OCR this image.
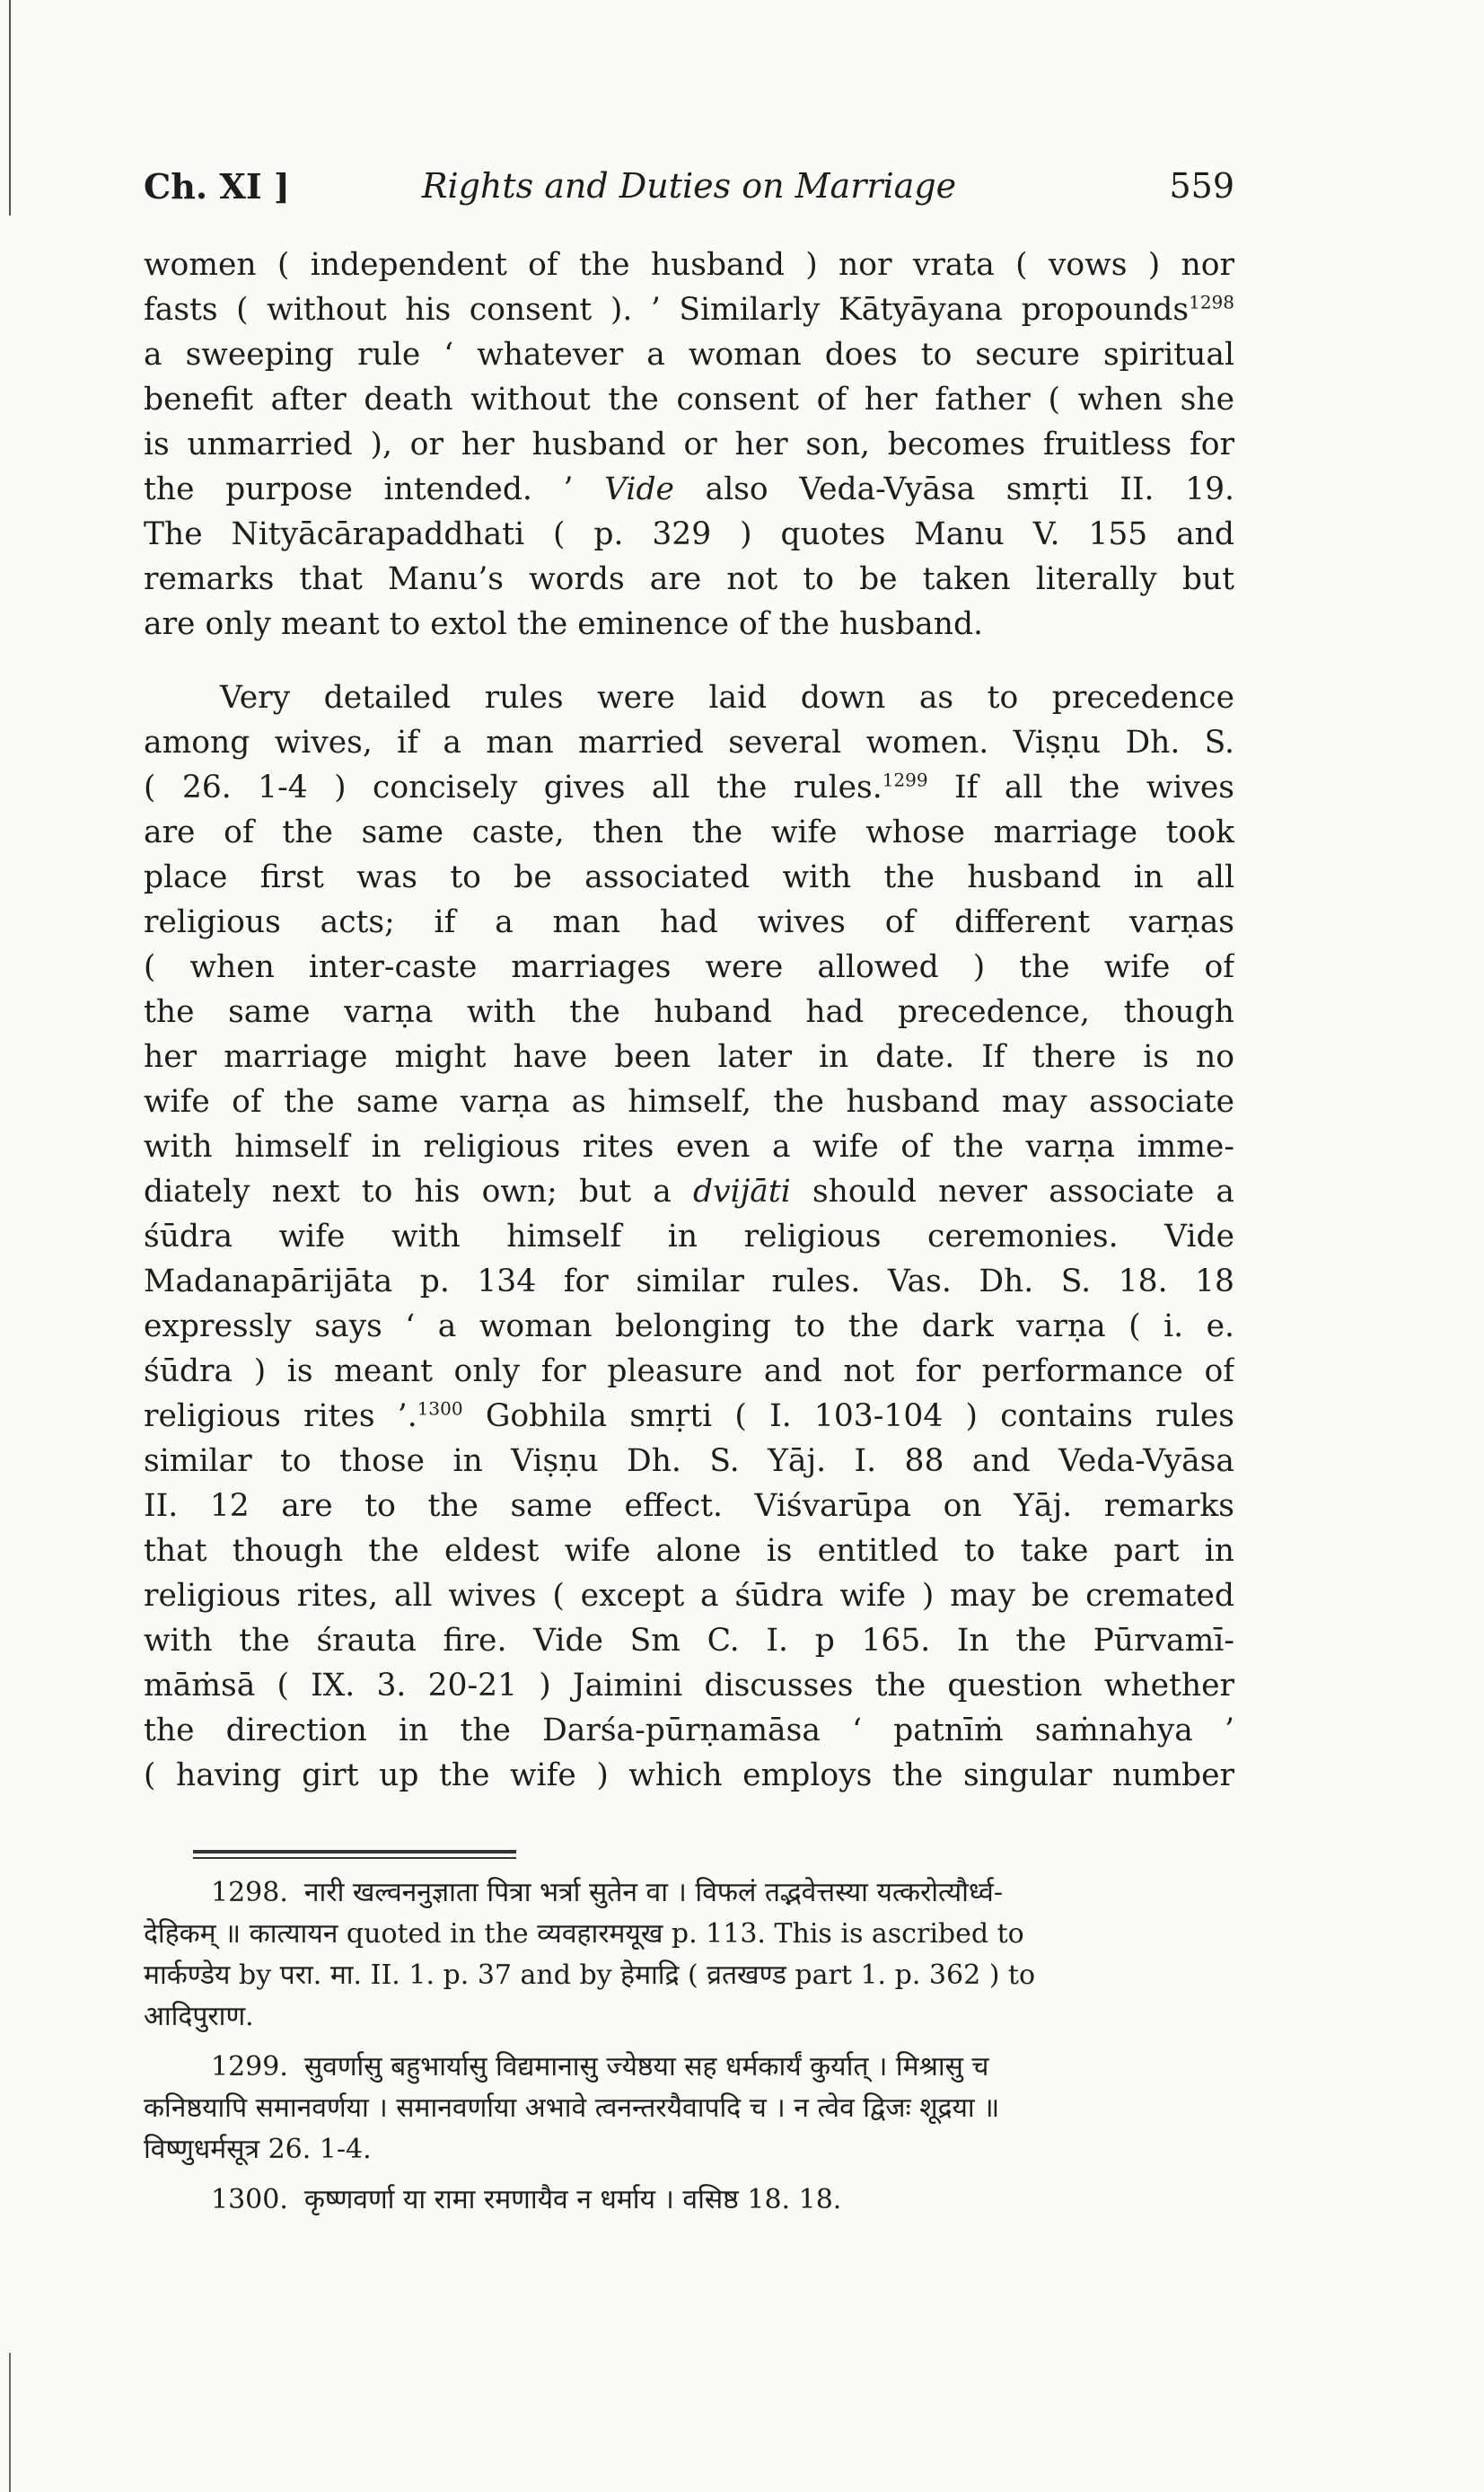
Ch. XI ]	Rights and Duties on Marriage	559
women ( independent of the husband ) nor vrata ( vows ) nor
fasts ( without his consent ). ’ Similarly Kātyāyana propounds$^{1298}$
a sweeping rule ‘ whatever a woman does to secure spiritual
benefit after death without the consent of her father ( when she
is unmarried ), or her husband or her son, becomes fruitless for
the purpose intended. ’ Vide also Veda-Vyāsa smṛti II. 19.
The Nityācārapaddhati ( p. 329 ) quotes Manu V. 155 and
remarks that Manu’s words are not to be taken literally but
are only meant to extol the eminence of the husband.
Very detailed rules were laid down as to precedence
among wives, if a man married several women. Viṣṇu Dh. S.
( 26. 1-4 ) concisely gives all the rules.$^{1299}$ If all the wives
are of the same caste, then the wife whose marriage took
place first was to be associated with the husband in all
religious acts; if a man had wives of different varṇas
( when inter-caste marriages were allowed ) the wife of
the same varṇa with the huband had precedence, though
her marriage might have been later in date. If there is no
wife of the same varṇa as himself, the husband may associate
with himself in religious rites even a wife of the varṇa imme-
diately next to his own; but a dvijāti should never associate a
śūdra wife with himself in religious ceremonies. Vide
Madanapārijāta p. 134 for similar rules. Vas. Dh. S. 18. 18
expressly says ‘ a woman belonging to the dark varṇa ( i. e.
śūdra ) is meant only for pleasure and not for performance of
religious rites ’.$^{1300}$ Gobhila smṛti ( I. 103-104 ) contains rules
similar to those in Viṣṇu Dh. S. Yāj. I. 88 and Veda-Vyāsa
II. 12 are to the same effect. Viśvarūpa on Yāj. remarks
that though the eldest wife alone is entitled to take part in
religious rites, all wives ( except a śūdra wife ) may be cremated
with the śrauta fire. Vide Sm C. I. p 165. In the Pūrvamī-
māṁsā ( IX. 3. 20-21 ) Jaimini discusses the question whether
the direction in the Darśa-pūrṇamāsa ‘ patnīṁ saṁnahya ’
( having girt up the wife ) which employs the singular number
1298. नारी खल्वननुज्ञाता पित्रा भर्त्रा सुतेन वा । विफलं तद्भवेत्तस्या यत्करोत्यौर्ध्व-
देहिकम् ॥ कात्यायन quoted in the व्यवहारमयूख p. 113. This is ascribed to
मार्कण्डेय by परा. मा. II. 1. p. 37 and by हेमाद्रि ( व्रतखण्ड part 1. p. 362 ) to
आदिपुराण.
1299. सुवर्णासु बहुभार्यासु विद्यमानासु ज्येष्ठया सह धर्मकार्यं कुर्यात् । मिश्रासु च
कनिष्ठयापि समानवर्णया । समानवर्णाया अभावे त्वनन्तरयैवापदि च । न त्वेव द्विजः शूद्रया ॥
विष्णुधर्मसूत्र 26. 1-4.
1300. कृष्णवर्णा या रामा रमणायैव न धर्माय । वसिष्ठ 18. 18.
